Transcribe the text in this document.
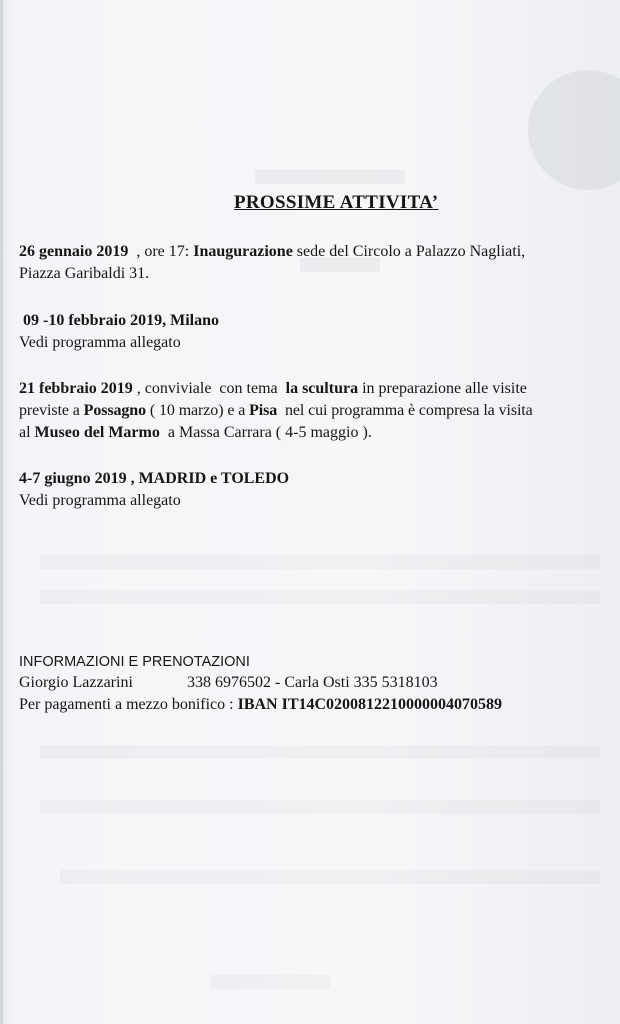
PROSSIME ATTIVITA’
26 gennaio 2019  , ore 17: Inaugurazione sede del Circolo a Palazzo Nagliati,
Piazza Garibaldi 31.
09 -10 febbraio 2019, Milano
Vedi programma allegato
21 febbraio 2019 , conviviale  con tema  la scultura in preparazione alle visite
previste a Possagno ( 10 marzo) e a Pisa  nel cui programma è compresa la visita
al Museo del Marmo  a Massa Carrara ( 4-5 maggio ).
4-7 giugno 2019 , MADRID e TOLEDO
Vedi programma allegato
INFORMAZIONI E PRENOTAZIONI
Giorgio Lazzarini	338 6976502 - Carla Osti 335 5318103
Per pagamenti a mezzo bonifico : IBAN IT14C0200812210000004070589
